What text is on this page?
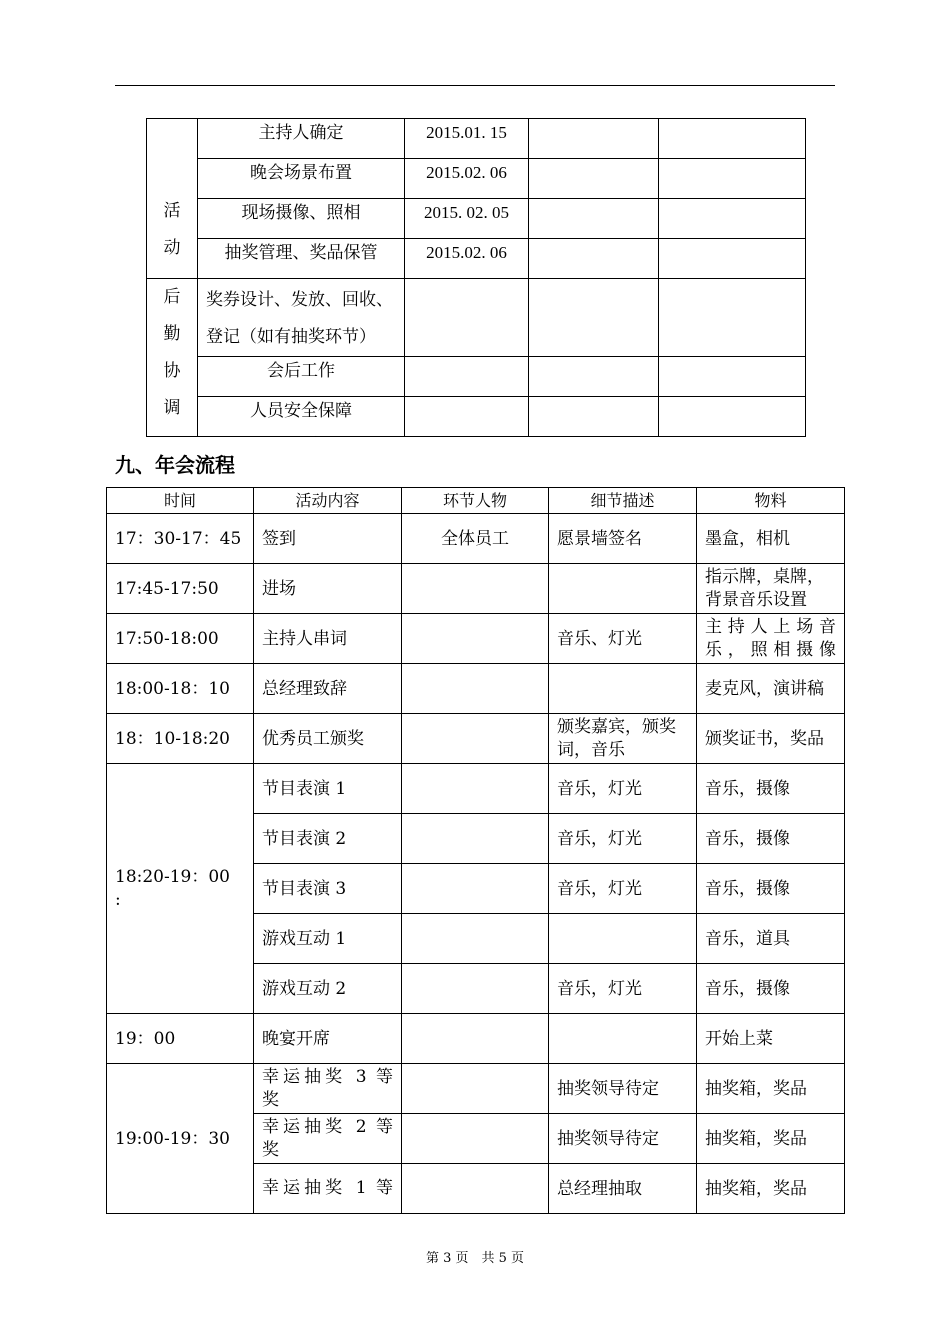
活
动	主持人确定	2015.01. 15		
	晚会场景布置	2015.02. 06		
	现场摄像、照相	2015. 02. 05		
	抽奖管理、奖品保管	2015.02. 06		

后
勤
协
调	奖券设计、发放、回收、
登记（如有抽奖环节）			

	会后工作			
	人员安全保障			
九、年会流程
时间	活动内容	环节人物	细节描述	物料
17：30-17：45	签到	全体员工	愿景墙签名	墨盒，相机
17:45-17:50	进场			指示牌，桌牌，背景音乐设置
17:50-18:00	主持人串词		音乐、灯光	主持人上场音乐，照相摄像
18:00-18：10	总经理致辞			麦克风，演讲稿
18：10-18:20	优秀员工颁奖		颁奖嘉宾，颁奖词，音乐	颁奖证书，奖品

18:20-19：00
:	节目表演 1		音乐，灯光	音乐，摄像
	节目表演 2		音乐，灯光	音乐，摄像
	节目表演 3		音乐，灯光	音乐，摄像
	游戏互动 1			音乐，道具
	游戏互动 2		音乐，灯光	音乐，摄像
19：00	晚宴开席			开始上菜
19:00-19：30	幸运抽奖 3 等
奖		抽奖领导待定	抽奖箱，奖品

	幸运抽奖 2 等
奖		抽奖领导待定	抽奖箱，奖品
	幸运抽奖 1 等		总经理抽取	抽奖箱，奖品
第 3 页　共 5 页
